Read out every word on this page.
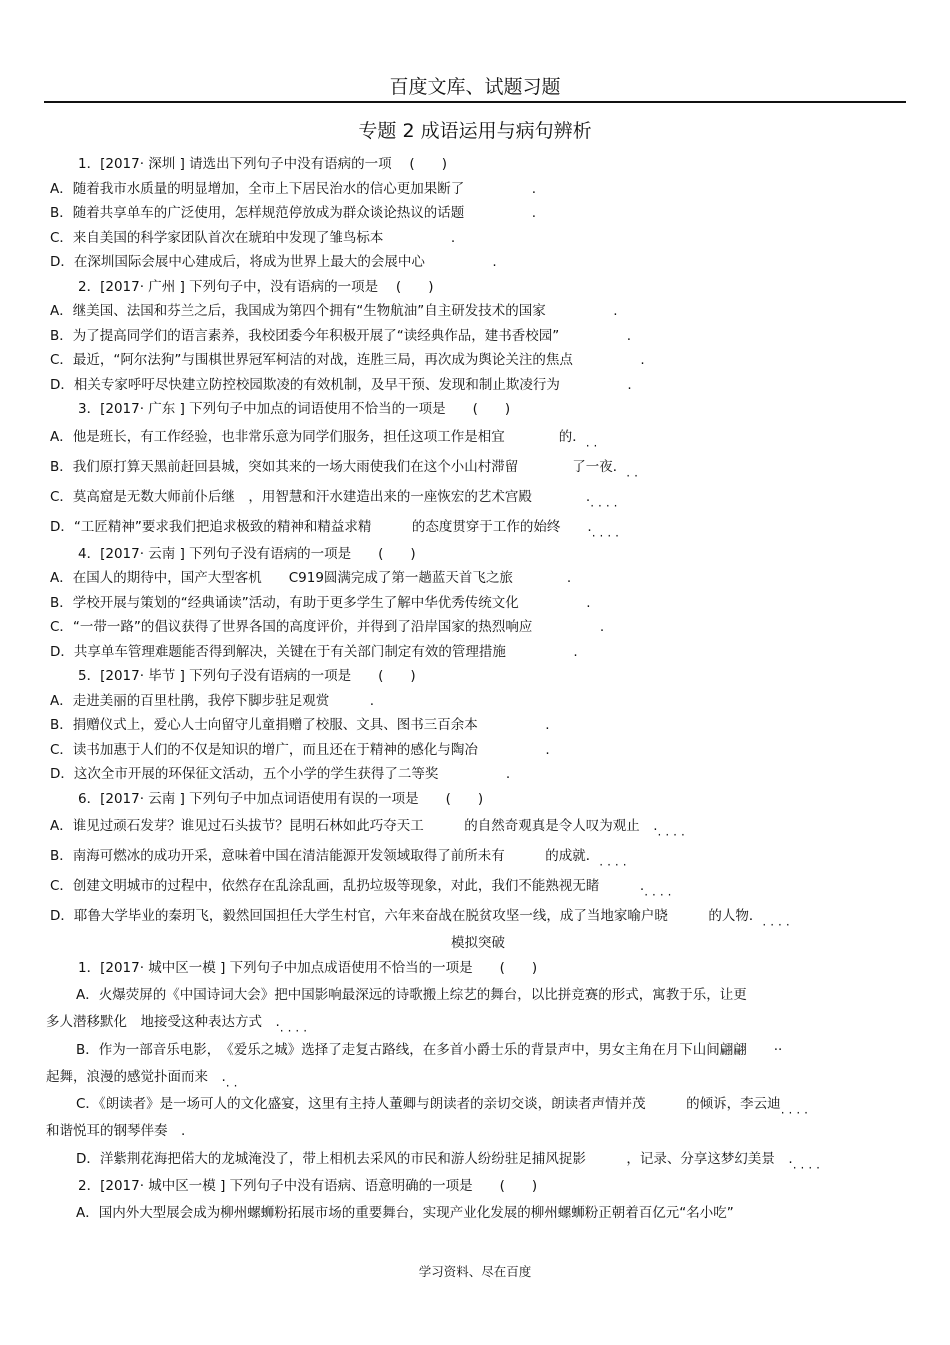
百度文库、试题习题
专题 2 成语运用与病句辨析
1．[2017· 深圳 ] 请选出下列句子中没有语病的一项　 (　　)
A．随着我市水质量的明显增加，全市上下居民治水的信心更加果断了　　　　　.
B．随着共享单车的广泛使用，怎样规范停放成为群众谈论热议的话题　　　　　.
C．来自美国的科学家团队首次在琥珀中发现了雏鸟标本　　　　　.
D．在深圳国际会展中心建成后，将成为世界上最大的会展中心　　　　　.
2．[2017· 广州 ] 下列句子中，没有语病的一项是　 (　　)
A．继美国、法国和芬兰之后，我国成为第四个拥有“生物航油”自主研发技术的国家　　　　　.
B．为了提高同学们的语言素养，我校团委今年积极开展了“读经典作品，建书香校园”　　　　　.
C．最近，“阿尔法狗”与围棋世界冠军柯洁的对战，连胜三局，再次成为舆论关注的焦点　　　　　.
D．相关专家呼吁尽快建立防控校园欺凌的有效机制，及早干预、发现和制止欺凌行为　　　　　.
3．[2017· 广东 ] 下列句子中加点的词语使用不恰当的一项是　　(　　)
A．他是班长，有工作经验，也非常乐意为同学们服务，担任这项工作是相宜　　　　的．··
B．我们原打算天黑前赶回县城，突如其来的一场大雨使我们在这个小山村滞留　　　　了一夜．··
C．莫高窟是无数大师前仆后继　，用智慧和汗水建造出来的一座恢宏的艺术宫殿　　　　.····
D．“工匠精神”要求我们把追求极致的精神和精益求精　　　的态度贯穿于工作的始终　　.····
4．[2017· 云南 ] 下列句子没有语病的一项是　　(　　)
A．在国人的期待中，国产大型客机　　C919圆满完成了第一趟蓝天首飞之旅　　　　.
B．学校开展与策划的“经典诵读”活动，有助于更多学生了解中华优秀传统文化　　　　　.
C．“一带一路”的倡议获得了世界各国的高度评价，并得到了沿岸国家的热烈响应　　　　　.
D．共享单车管理难题能否得到解决，关键在于有关部门制定有效的管理措施　　　　　.
5．[2017· 毕节 ] 下列句子没有语病的一项是　　(　　)
A．走进美丽的百里杜鹃，我停下脚步驻足观赏　　　.
B．捐赠仪式上，爱心人士向留守儿童捐赠了校服、文具、图书三百余本　　　　　.
C．读书加惠于人们的不仅是知识的增广，而且还在于精神的感化与陶冶　　　　　.
D．这次全市开展的环保征文活动，五个小学的学生获得了二等奖　　　　　.
6．[2017· 云南 ] 下列句子中加点词语使用有误的一项是　　(　　)
A．谁见过顽石发芽？谁见过石头拔节？昆明石林如此巧夺天工　　　的自然奇观真是令人叹为观止　.····
B．南海可燃冰的成功开采，意味着中国在清洁能源开发领域取得了前所未有　　　的成就．····
C．创建文明城市的过程中，依然存在乱涂乱画，乱扔垃圾等现象，对此，我们不能熟视无睹　　　.····
D．耶鲁大学毕业的秦玥飞，毅然回国担任大学生村官，六年来奋战在脱贫攻坚一线，成了当地家喻户晓　　　的人物．····
模拟突破
1．[2017· 城中区一模 ] 下列句子中加点成语使用不恰当的一项是　　(　　)
A．火爆荧屏的《中国诗词大会》把中国影响最深远的诗歌搬上综艺的舞台，以比拼竞赛的形式，寓教于乐，让更
多人潜移默化　地接受这种表达方式　.····
B．作为一部音乐电影，　《爱乐之城》选择了走复古路线，在多首小爵士乐的背景声中，男女主角在月下山间翩翩　　··
起舞，浪漫的感觉扑面而来　.··
C．《朗读者》是一场可人的文化盛宴，这里有主持人董卿与朗读者的亲切交谈，朗读者声情并茂　　　的倾诉，李云迪····
和谐悦耳的钢琴伴奏　.
D．洋紫荆花海把偌大的龙城淹没了，带上相机去采风的市民和游人纷纷驻足捕风捉影　　　，记录、分享这梦幻美景　.····
2．[2017· 城中区一模 ] 下列句子中没有语病、语意明确的一项是　　(　　)
A．国内外大型展会成为柳州螺蛳粉拓展市场的重要舞台，实现产业化发展的柳州螺蛳粉正朝着百亿元“名小吃”
学习资料、尽在百度
